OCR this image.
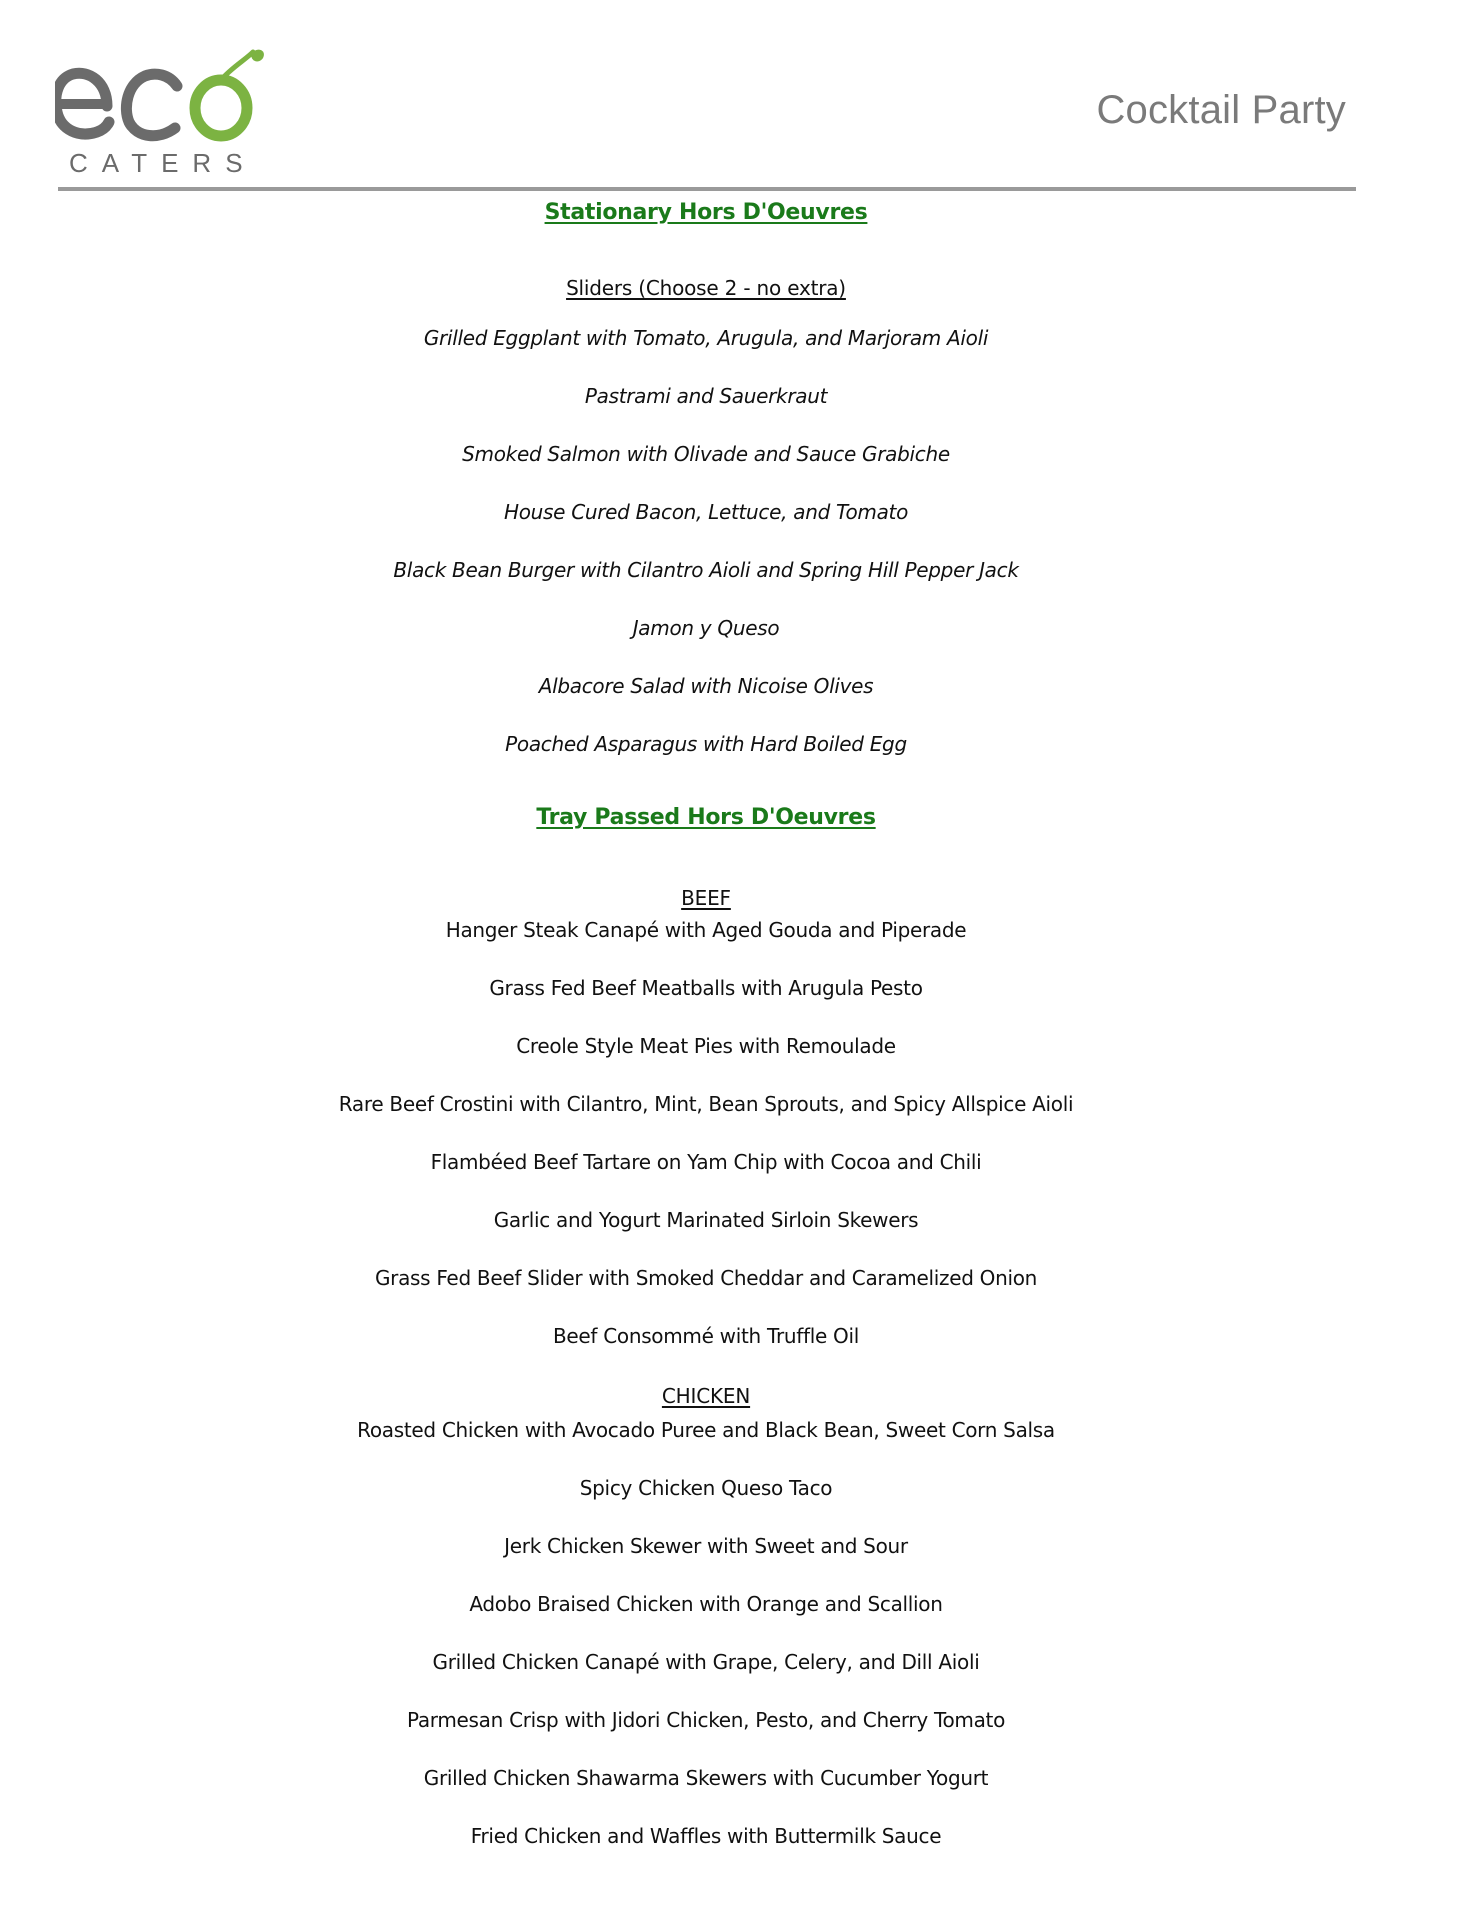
CATERS
Cocktail Party
Stationary Hors D'Oeuvres
Sliders (Choose 2 - no extra)
Grilled Eggplant with Tomato, Arugula, and Marjoram Aioli
Pastrami and Sauerkraut
Smoked Salmon with Olivade and Sauce Grabiche
House Cured Bacon, Lettuce, and Tomato
Black Bean Burger with Cilantro Aioli and Spring Hill Pepper Jack
Jamon y Queso
Albacore Salad with Nicoise Olives
Poached Asparagus with Hard Boiled Egg
Tray Passed Hors D'Oeuvres
BEEF
Hanger Steak Canapé with Aged Gouda and Piperade
Grass Fed Beef Meatballs with Arugula Pesto
Creole Style Meat Pies with Remoulade
Rare Beef Crostini with Cilantro, Mint, Bean Sprouts, and Spicy Allspice Aioli
Flambéed Beef Tartare on Yam Chip with Cocoa and Chili
Garlic and Yogurt Marinated Sirloin Skewers
Grass Fed Beef Slider with Smoked Cheddar and Caramelized Onion
Beef Consommé with Truffle Oil
CHICKEN
Roasted Chicken with Avocado Puree and Black Bean, Sweet Corn Salsa
Spicy Chicken Queso Taco
Jerk Chicken Skewer with Sweet and Sour
Adobo Braised Chicken with Orange and Scallion
Grilled Chicken Canapé with Grape, Celery, and Dill Aioli
Parmesan Crisp with Jidori Chicken, Pesto, and Cherry Tomato
Grilled Chicken Shawarma Skewers with Cucumber Yogurt
Fried Chicken and Waffles with Buttermilk Sauce
